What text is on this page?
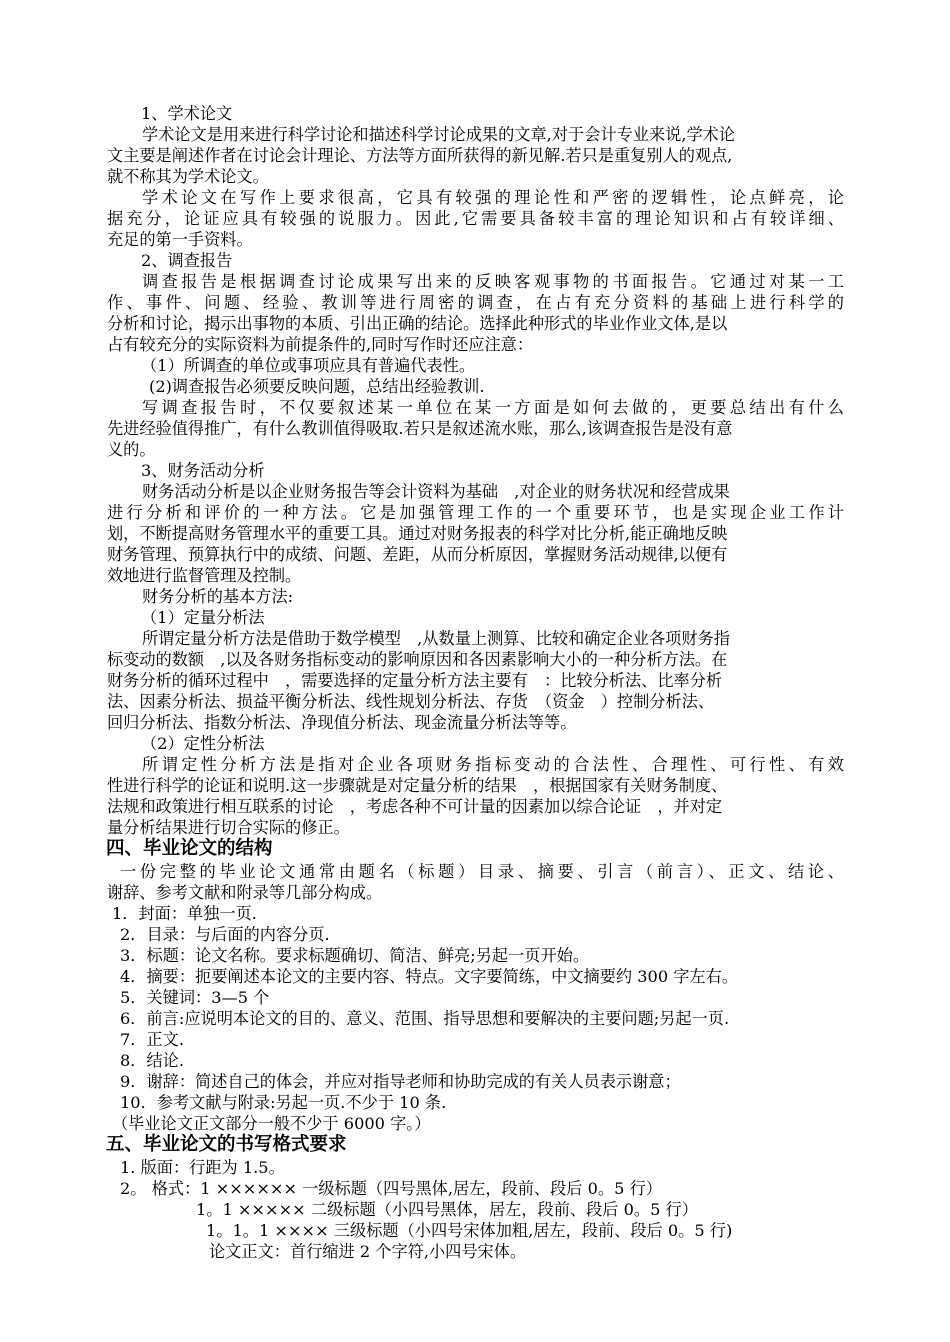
1、学术论文

学术论文是用来进行科学讨论和描述科学讨论成果的文章,对于会计专业来说,学术论

文主要是阐述作者在讨论会计理论、方法等方面所获得的新见解.若只是重复别人的观点,

就不称其为学术论文。

学术论文在写作上要求很高，它具有较强的理论性和严密的逻辑性，论点鲜亮，论

据充分，论证应具有较强的说服力。因此,它需要具备较丰富的理论知识和占有较详细、

充足的第一手资料。

2、调查报告

调查报告是根据调查讨论成果写出来的反映客观事物的书面报告。它通过对某一工

作、事件、问题、经验、教训等进行周密的调查，在占有充分资料的基础上进行科学的

分析和讨论，揭示出事物的本质、引出正确的结论。选择此种形式的毕业作业文体,是以

占有较充分的实际资料为前提条件的,同时写作时还应注意：

（1）所调查的单位或事项应具有普遍代表性。

(2)调查报告必须要反映问题，总结出经验教训.

写调查报告时，不仅要叙述某一单位在某一方面是如何去做的，更要总结出有什么

先进经验值得推广，有什么教训值得吸取.若只是叙述流水账，那么,该调查报告是没有意

义的。

3、财务活动分析

财务活动分析是以企业财务报告等会计资料为基础　,对企业的财务状况和经营成果

进行分析和评价的一种方法。它是加强管理工作的一个重要环节，也是实现企业工作计

划，不断提高财务管理水平的重要工具。通过对财务报表的科学对比分析,能正确地反映

财务管理、预算执行中的成绩、问题、差距，从而分析原因，掌握财务活动规律,以便有

效地进行监督管理及控制。

财务分析的基本方法:

（1）定量分析法

所谓定量分析方法是借助于数学模型　,从数量上测算、比较和确定企业各项财务指

标变动的数额　,以及各财务指标变动的影响原因和各因素影响大小的一种分析方法。在

财务分析的循环过程中　，需要选择的定量分析方法主要有　：比较分析法、比率分析

法、因素分析法、损益平衡分析法、线性规划分析法、存货　（资金　）控制分析法、

回归分析法、指数分析法、净现值分析法、现金流量分析法等等。

（2）定性分析法

所谓定性分析方法是指对企业各项财务指标变动的合法性、合理性、可行性、有效

性进行科学的论证和说明.这一步骤就是对定量分析的结果　，根据国家有关财务制度、

法规和政策进行相互联系的讨论　，考虑各种不可计量的因素加以综合论证　，并对定

量分析结果进行切合实际的修正。

四、毕业论文的结构

一份完整的毕业论文通常由题名（标题）目录、摘要、引言（前言）、正文、结论、

谢辞、参考文献和附录等几部分构成。

1．封面：单独一页.

2．目录：与后面的内容分页.

3．标题：论文名称。要求标题确切、简洁、鲜亮;另起一页开始。

4．摘要：扼要阐述本论文的主要内容、特点。文字要简练，中文摘要约 300 字左右。

5．关键词：3—5 个

6．前言:应说明本论文的目的、意义、范围、指导思想和要解决的主要问题;另起一页.

7．正文.

8．结论.

9．谢辞：简述自己的体会，并应对指导老师和协助完成的有关人员表示谢意；

10．参考文献与附录:另起一页.不少于 10 条.

（毕业论文正文部分一般不少于 6000 字。）

五、毕业论文的书写格式要求

1. 版面：行距为 1.5。

2。 格式：1 ×××××× 一级标题（四号黑体,居左，段前、段后 0。5 行）

1。1 ××××× 二级标题（小四号黑体，居左，段前、段后 0。5 行）

1。1。1 ×××× 三级标题（小四号宋体加粗,居左，段前、段后 0。5 行)

论文正文：首行缩进 2 个字符,小四号宋体。
